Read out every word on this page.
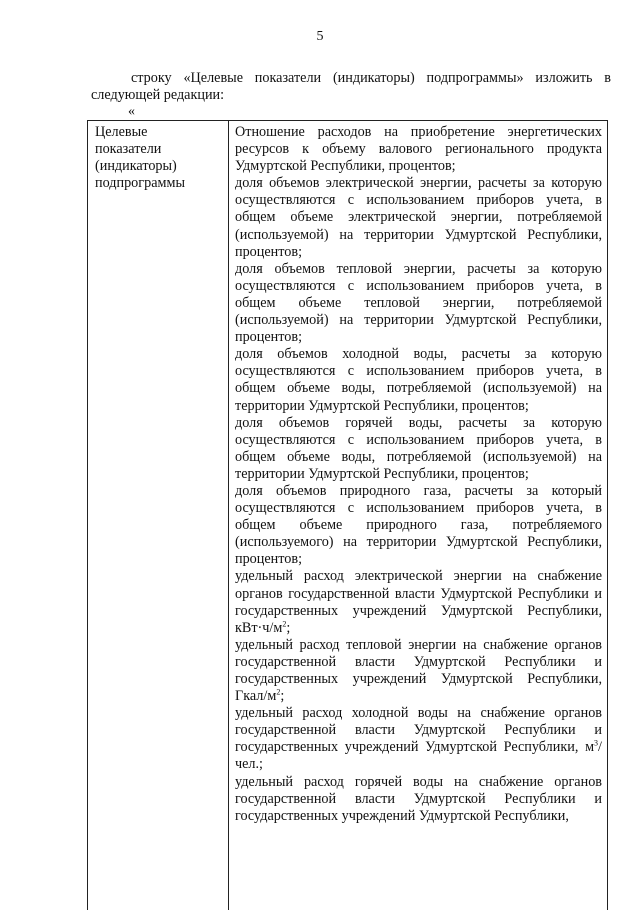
5
строку «Целевые показатели (индикаторы) подпрограммы» изложить в
следующей редакции:
«
Целевые
показатели
(индикаторы)
подпрограммы
Отношение расходов на приобретение энергетических ресурсов к объему валового регионального продукта Удмуртской Республики, процентов;
доля объемов электрической энергии, расчеты за которую осуществляются с использованием приборов учета, в общем объеме электрической энергии, потребляемой (используемой) на территории Удмуртской Республики, процентов;
доля объемов тепловой энергии, расчеты за которую осуществляются с использованием приборов учета, в общем объеме тепловой энергии, потребляемой (используемой) на территории Удмуртской Республики, процентов;
доля объемов холодной воды, расчеты за которую осуществляются с использованием приборов учета, в общем объеме воды, потребляемой (используемой) на территории Удмуртской Республики, процентов;
доля объемов горячей воды, расчеты за которую осуществляются с использованием приборов учета, в общем объеме воды, потребляемой (используемой) на территории Удмуртской Республики, процентов;
доля объемов природного газа, расчеты за который осуществляются с использованием приборов учета, в общем объеме природного газа, потребляемого (используемого) на территории Удмуртской Республики, процентов;
удельный расход электрической энергии на снабжение органов государственной власти Удмуртской Республики и государственных учреждений Удмуртской Республики, $кВт\cdot ч/м^2$;
удельный расход тепловой энергии на снабжение органов государственной власти Удмуртской Республики и государственных учреждений Удмуртской Республики, Гкал/$м^2$;
удельный расход холодной воды на снабжение органов государственной власти Удмуртской Республики и государственных учреждений Удмуртской Республики, $м^3$/чел.;
удельный расход горячей воды на снабжение органов государственной власти Удмуртской Республики и государственных учреждений Удмуртской Республики,
